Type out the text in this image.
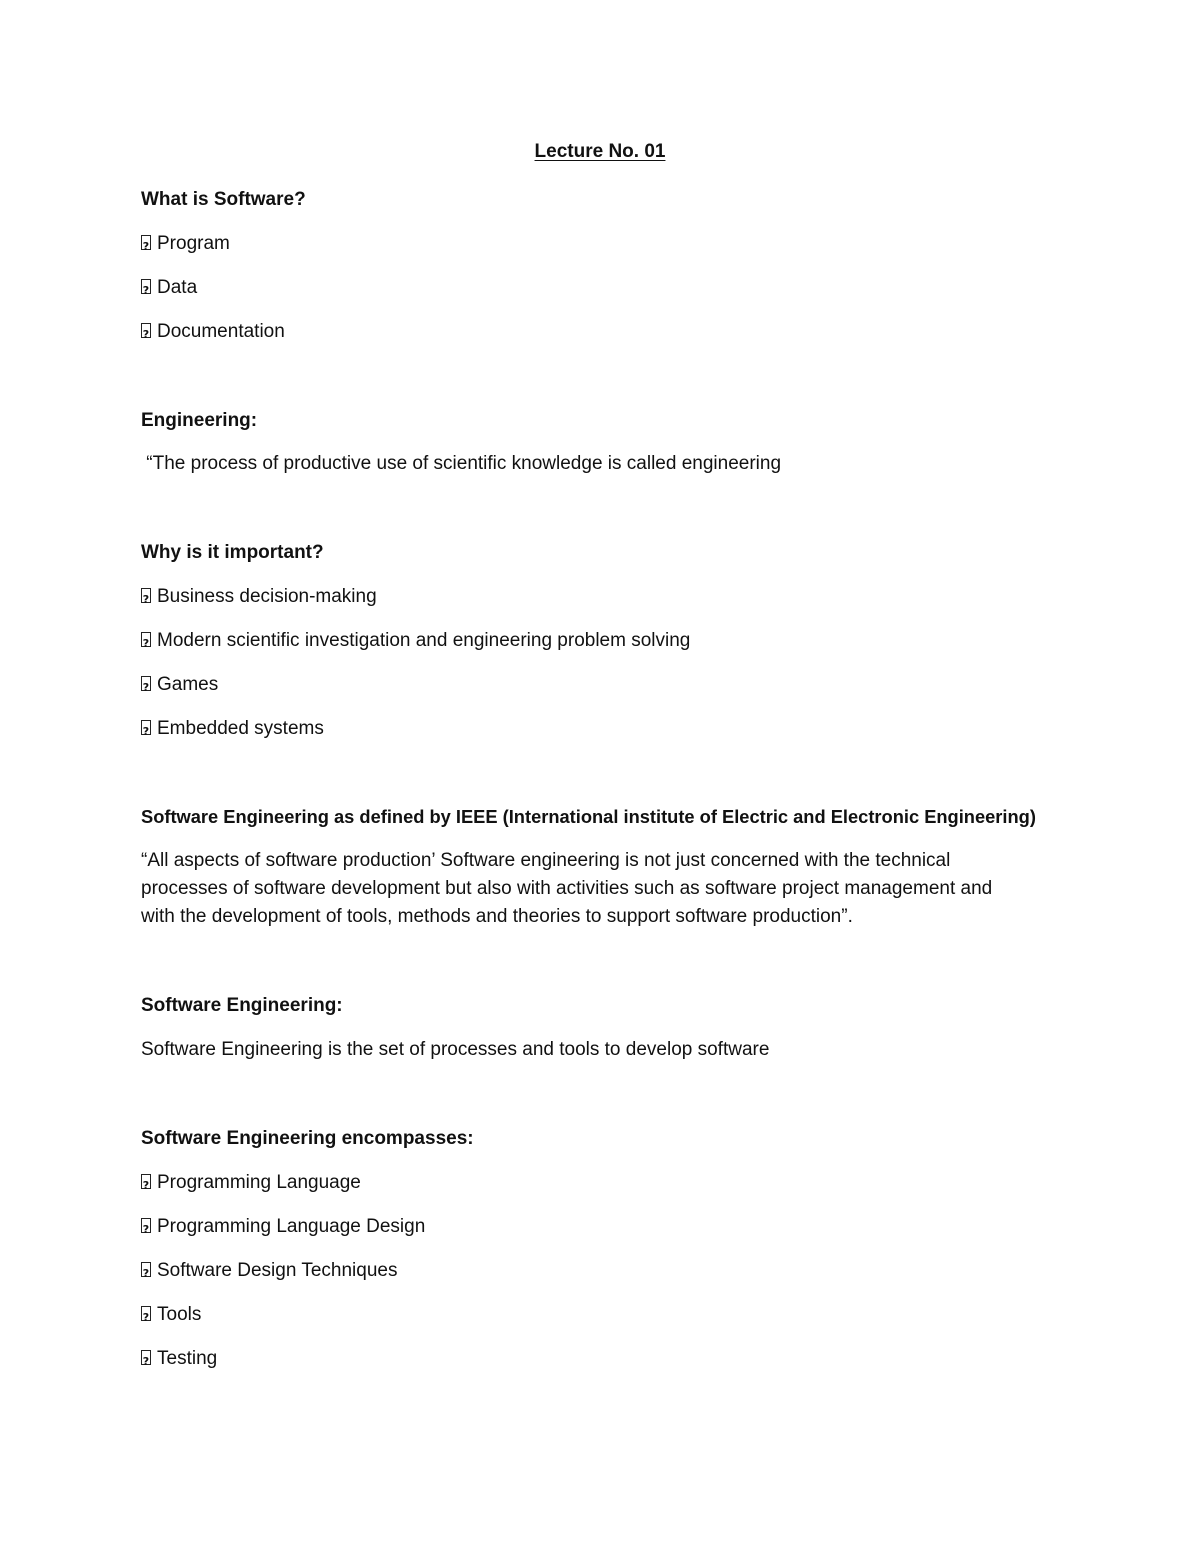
Lecture No. 01
What is Software?
?Program
?Data
?Documentation
Engineering:
“The process of productive use of scientific knowledge is called engineering
Why is it important?
?Business decision-making
?Modern scientific investigation and engineering problem solving
?Games
?Embedded systems
Software Engineering as defined by IEEE (International institute of Electric and Electronic Engineering)
“All aspects of software production’ Software engineering is not just concerned with the technical
processes of software development but also with activities such as software project management and
with the development of tools, methods and theories to support software production”.
Software Engineering:
Software Engineering is the set of processes and tools to develop software
Software Engineering encompasses:
?Programming Language
?Programming Language Design
?Software Design Techniques
?Tools
?Testing
